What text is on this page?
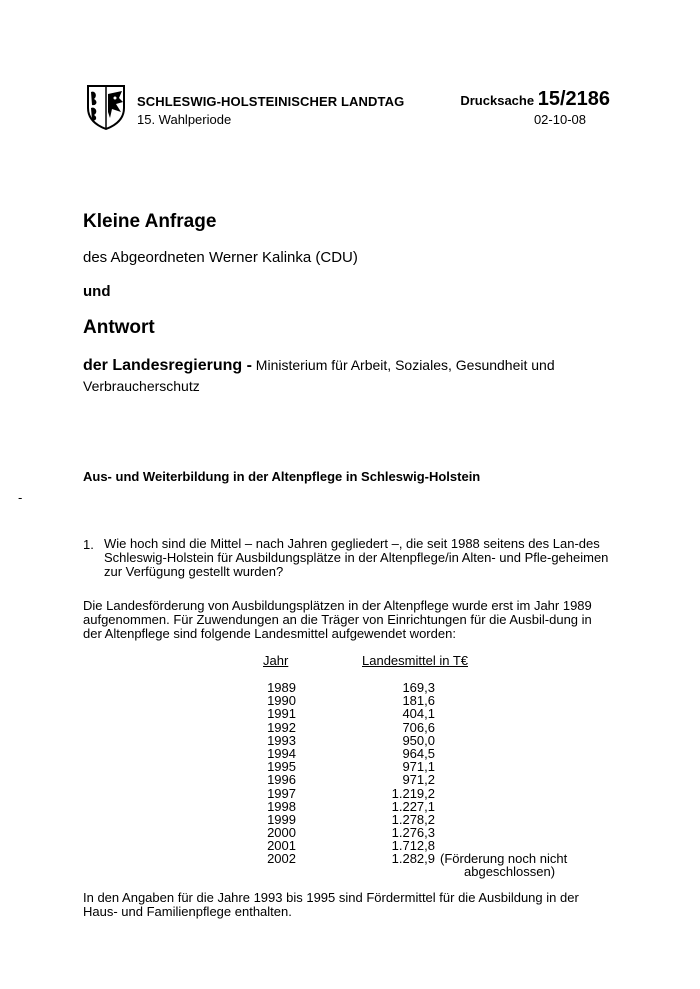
SCHLESWIG-HOLSTEINISCHER LANDTAG
15. Wahlperiode
Drucksache 15/2186
02-10-08
Kleine Anfrage
des Abgeordneten Werner Kalinka (CDU)
und
Antwort
der Landesregierung - Ministerium für Arbeit, Soziales, Gesundheit und Verbraucherschutz
Aus- und Weiterbildung in der Altenpflege in Schleswig-Holstein
-
1. Wie hoch sind die Mittel – nach Jahren gegliedert –, die seit 1988 seitens des Lan-des Schleswig-Holstein für Ausbildungsplätze in der Altenpflege/in Alten- und Pfle-geheimen zur Verfügung gestellt wurden?
Die Landesförderung von Ausbildungsplätzen in der Altenpflege wurde erst im Jahr 1989 aufgenommen. Für Zuwendungen an die Träger von Einrichtungen für die Ausbil-dung in der Altenpflege sind folgende Landesmittel aufgewendet worden:
Jahr	Landesmittel in T€
1989	169,3
1990	181,6
1991	404,1
1992	706,6
1993	950,0
1994	964,5
1995	971,1
1996	971,2
1997	1.219,2
1998	1.227,1
1999	1.278,2
2000	1.276,3
2001	1.712,8
2002	1.282,9 (Förderung noch nicht
abgeschlossen)
In den Angaben für die Jahre 1993 bis 1995 sind Fördermittel für die Ausbildung in der Haus- und Familienpflege enthalten.
